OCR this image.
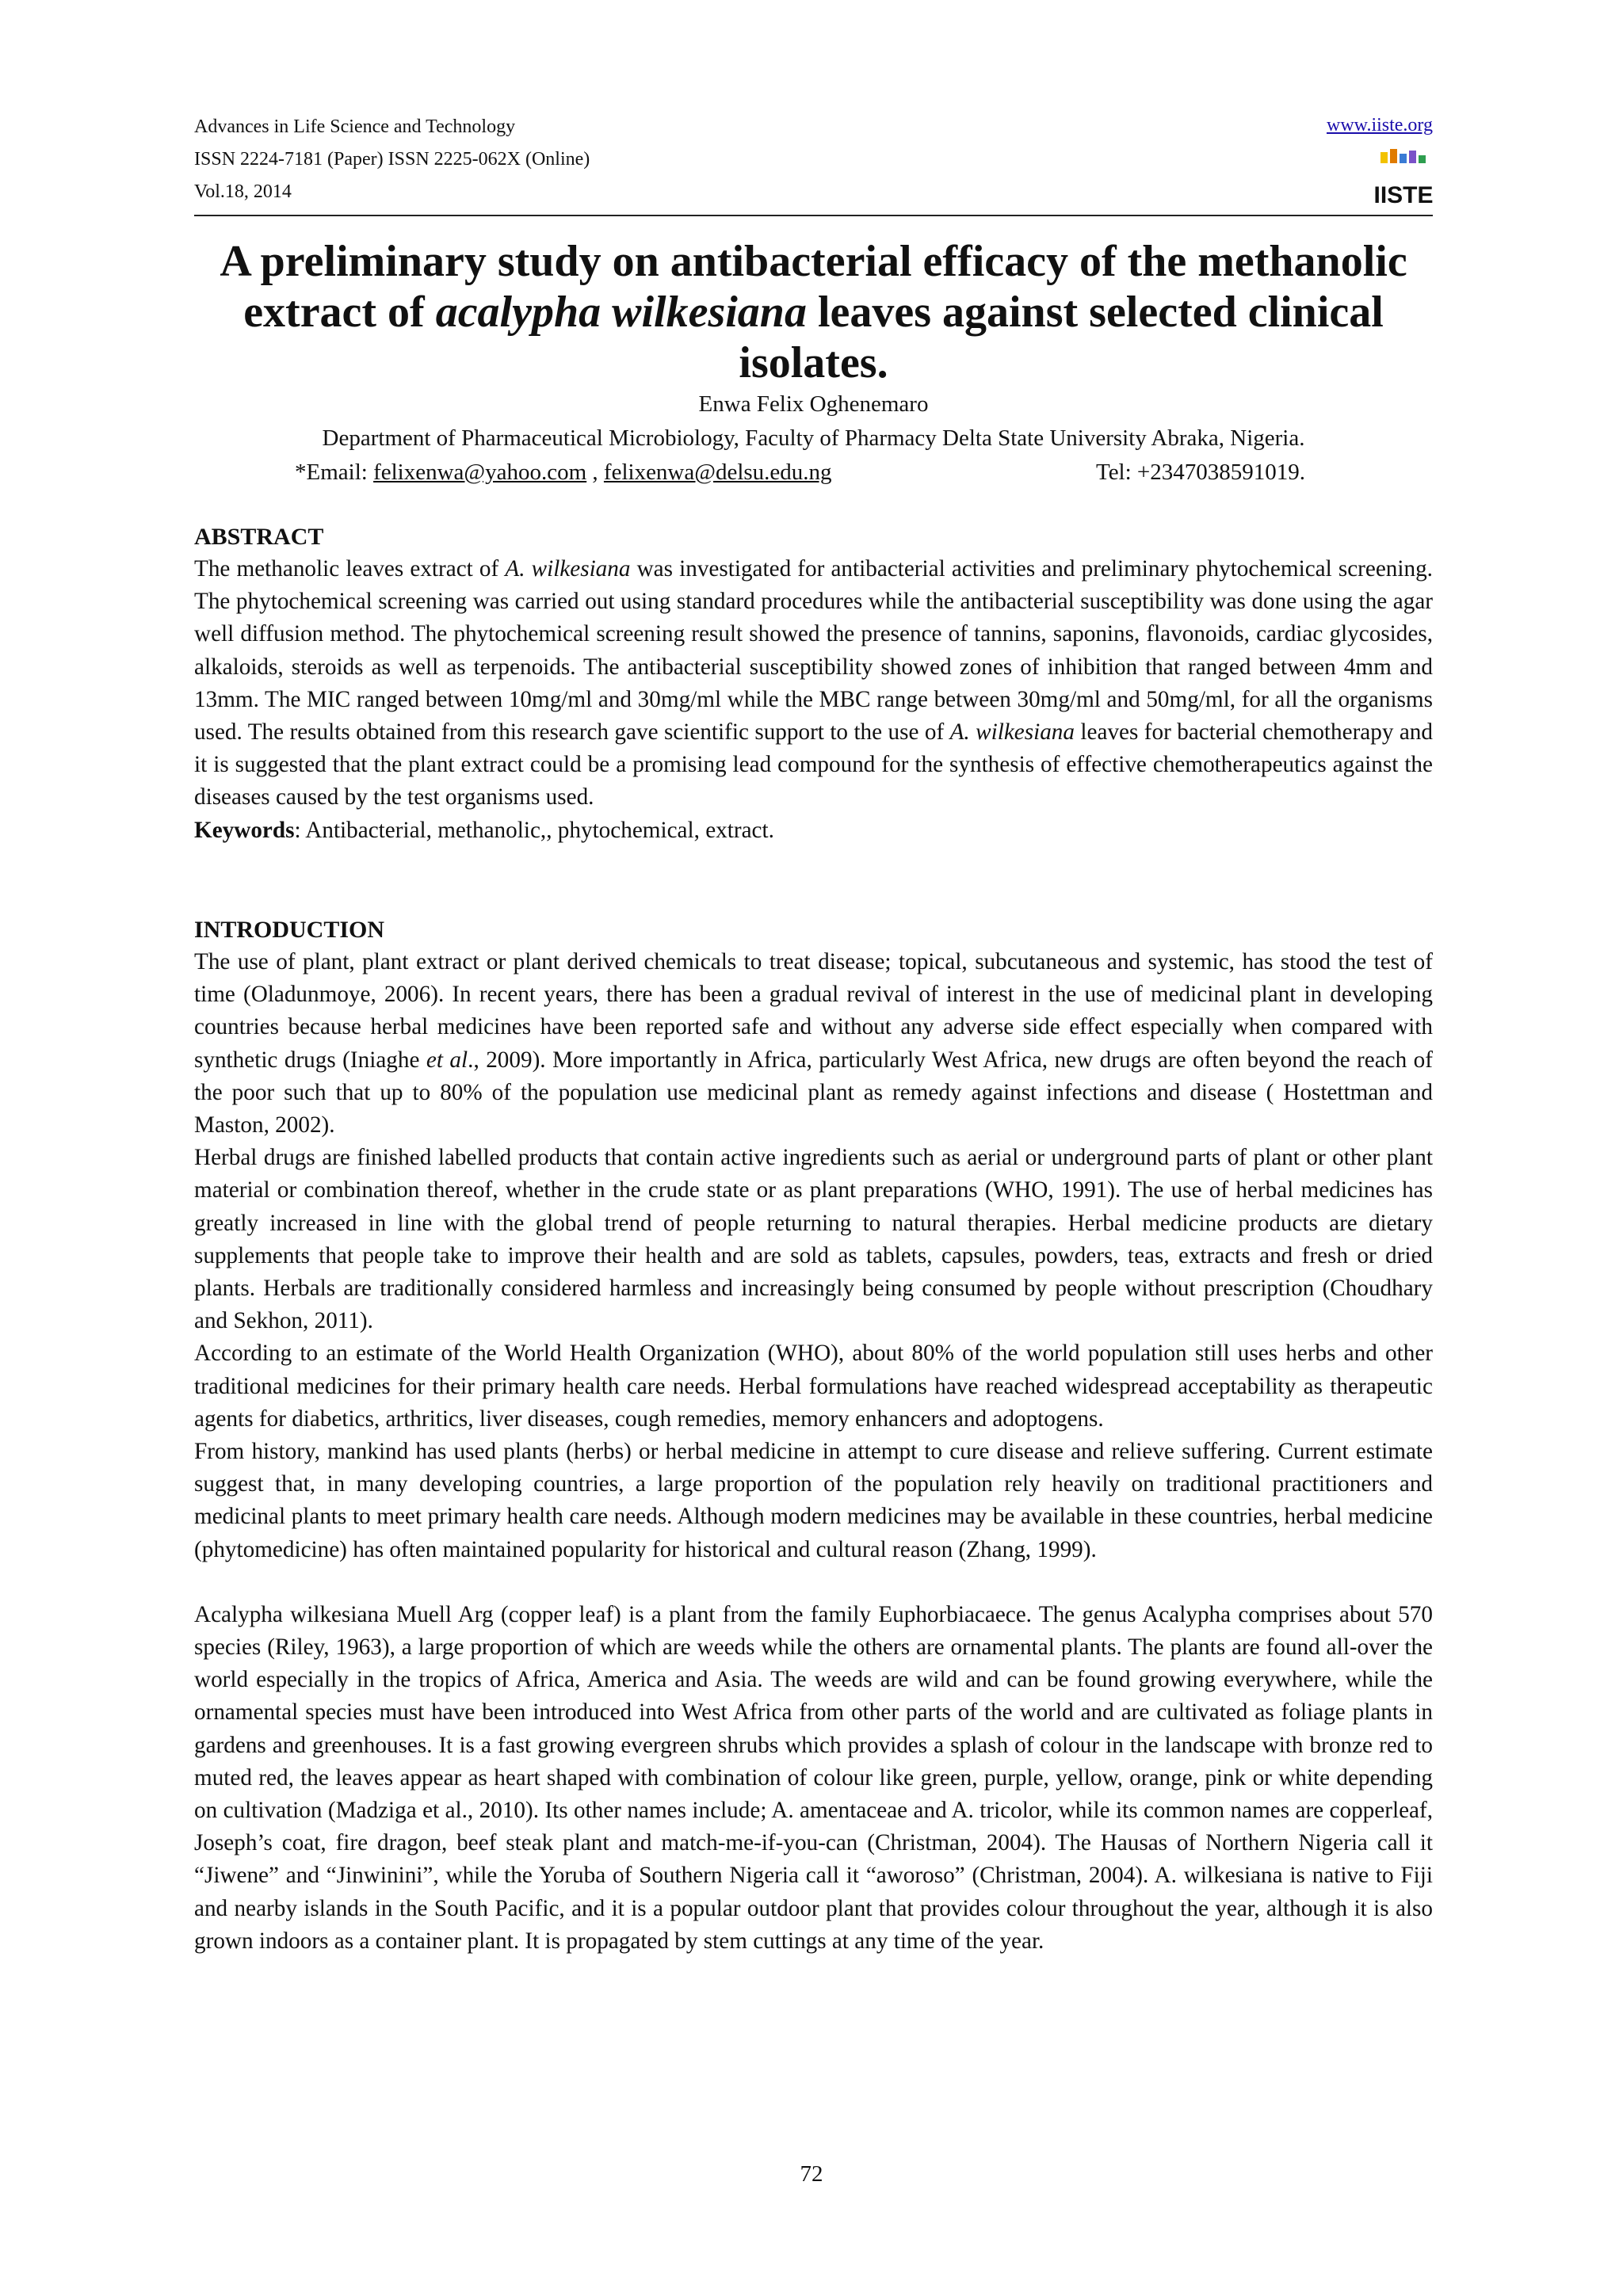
Advances in Life Science and Technology
ISSN 2224-7181 (Paper) ISSN 2225-062X (Online)
Vol.18, 2014
www.iiste.org
IISTE
A preliminary study on antibacterial efficacy of the methanolic extract of acalypha wilkesiana leaves against selected clinical isolates.
Enwa Felix Oghenemaro
Department of Pharmaceutical Microbiology, Faculty of Pharmacy Delta State University Abraka, Nigeria.
*Email: felixenwa@yahoo.com , felixenwa@delsu.edu.ng	Tel: +2347038591019.
ABSTRACT

The methanolic leaves extract of A. wilkesiana was investigated for antibacterial activities and preliminary phytochemical screening. The phytochemical screening was carried out using standard procedures while the antibacterial susceptibility was done using the agar well diffusion method. The phytochemical screening result showed the presence of tannins, saponins, flavonoids, cardiac glycosides, alkaloids, steroids as well as terpenoids. The antibacterial susceptibility showed zones of inhibition that ranged between 4mm and 13mm. The MIC ranged between 10mg/ml and 30mg/ml while the MBC range between 30mg/ml and 50mg/ml, for all the organisms used. The results obtained from this research gave scientific support to the use of A. wilkesiana leaves for bacterial chemotherapy and it is suggested that the plant extract could be a promising lead compound for the synthesis of effective chemotherapeutics against the diseases caused by the test organisms used.

Keywords: Antibacterial, methanolic,, phytochemical, extract.

INTRODUCTION

The use of plant, plant extract or plant derived chemicals to treat disease; topical, subcutaneous and systemic, has stood the test of time (Oladunmoye, 2006). In recent years, there has been a gradual revival of interest in the use of medicinal plant in developing countries because herbal medicines have been reported safe and without any adverse side effect especially when compared with synthetic drugs (Iniaghe et al., 2009). More importantly in Africa, particularly West Africa, new drugs are often beyond the reach of the poor such that up to 80% of the population use medicinal plant as remedy against infections and disease ( Hostettman and Maston, 2002).

Herbal drugs are finished labelled products that contain active ingredients such as aerial or underground parts of plant or other plant material or combination thereof, whether in the crude state or as plant preparations (WHO, 1991). The use of herbal medicines has greatly increased in line with the global trend of people returning to natural therapies. Herbal medicine products are dietary supplements that people take to improve their health and are sold as tablets, capsules, powders, teas, extracts and fresh or dried plants. Herbals are traditionally considered harmless and increasingly being consumed by people without prescription (Choudhary and Sekhon, 2011).

According to an estimate of the World Health Organization (WHO), about 80% of the world population still uses herbs and other traditional medicines for their primary health care needs. Herbal formulations have reached widespread acceptability as therapeutic agents for diabetics, arthritics, liver diseases, cough remedies, memory enhancers and adoptogens.

From history, mankind has used plants (herbs) or herbal medicine in attempt to cure disease and relieve suffering. Current estimate suggest that, in many developing countries, a large proportion of the population rely heavily on traditional practitioners and medicinal plants to meet primary health care needs. Although modern medicines may be available in these countries, herbal medicine (phytomedicine) has often maintained popularity for historical and cultural reason (Zhang, 1999).

Acalypha wilkesiana Muell Arg (copper leaf) is a plant from the family Euphorbiacaece. The genus Acalypha comprises about 570 species (Riley, 1963), a large proportion of which are weeds while the others are ornamental plants. The plants are found all-over the world especially in the tropics of Africa, America and Asia. The weeds are wild and can be found growing everywhere, while the ornamental species must have been introduced into West Africa from other parts of the world and are cultivated as foliage plants in gardens and greenhouses. It is a fast growing evergreen shrubs which provides a splash of colour in the landscape with bronze red to muted red, the leaves appear as heart shaped with combination of colour like green, purple, yellow, orange, pink or white depending on cultivation (Madziga et al., 2010). Its other names include; A. amentaceae and A. tricolor, while its common names are copperleaf, Joseph’s coat, fire dragon, beef steak plant and match-me-if-you-can (Christman, 2004). The Hausas of Northern Nigeria call it “Jiwene” and “Jinwinini”, while the Yoruba of Southern Nigeria call it “aworoso” (Christman, 2004). A. wilkesiana is native to Fiji and nearby islands in the South Pacific, and it is a popular outdoor plant that provides colour throughout the year, although it is also grown indoors as a container plant. It is propagated by stem cuttings at any time of the year.

72
